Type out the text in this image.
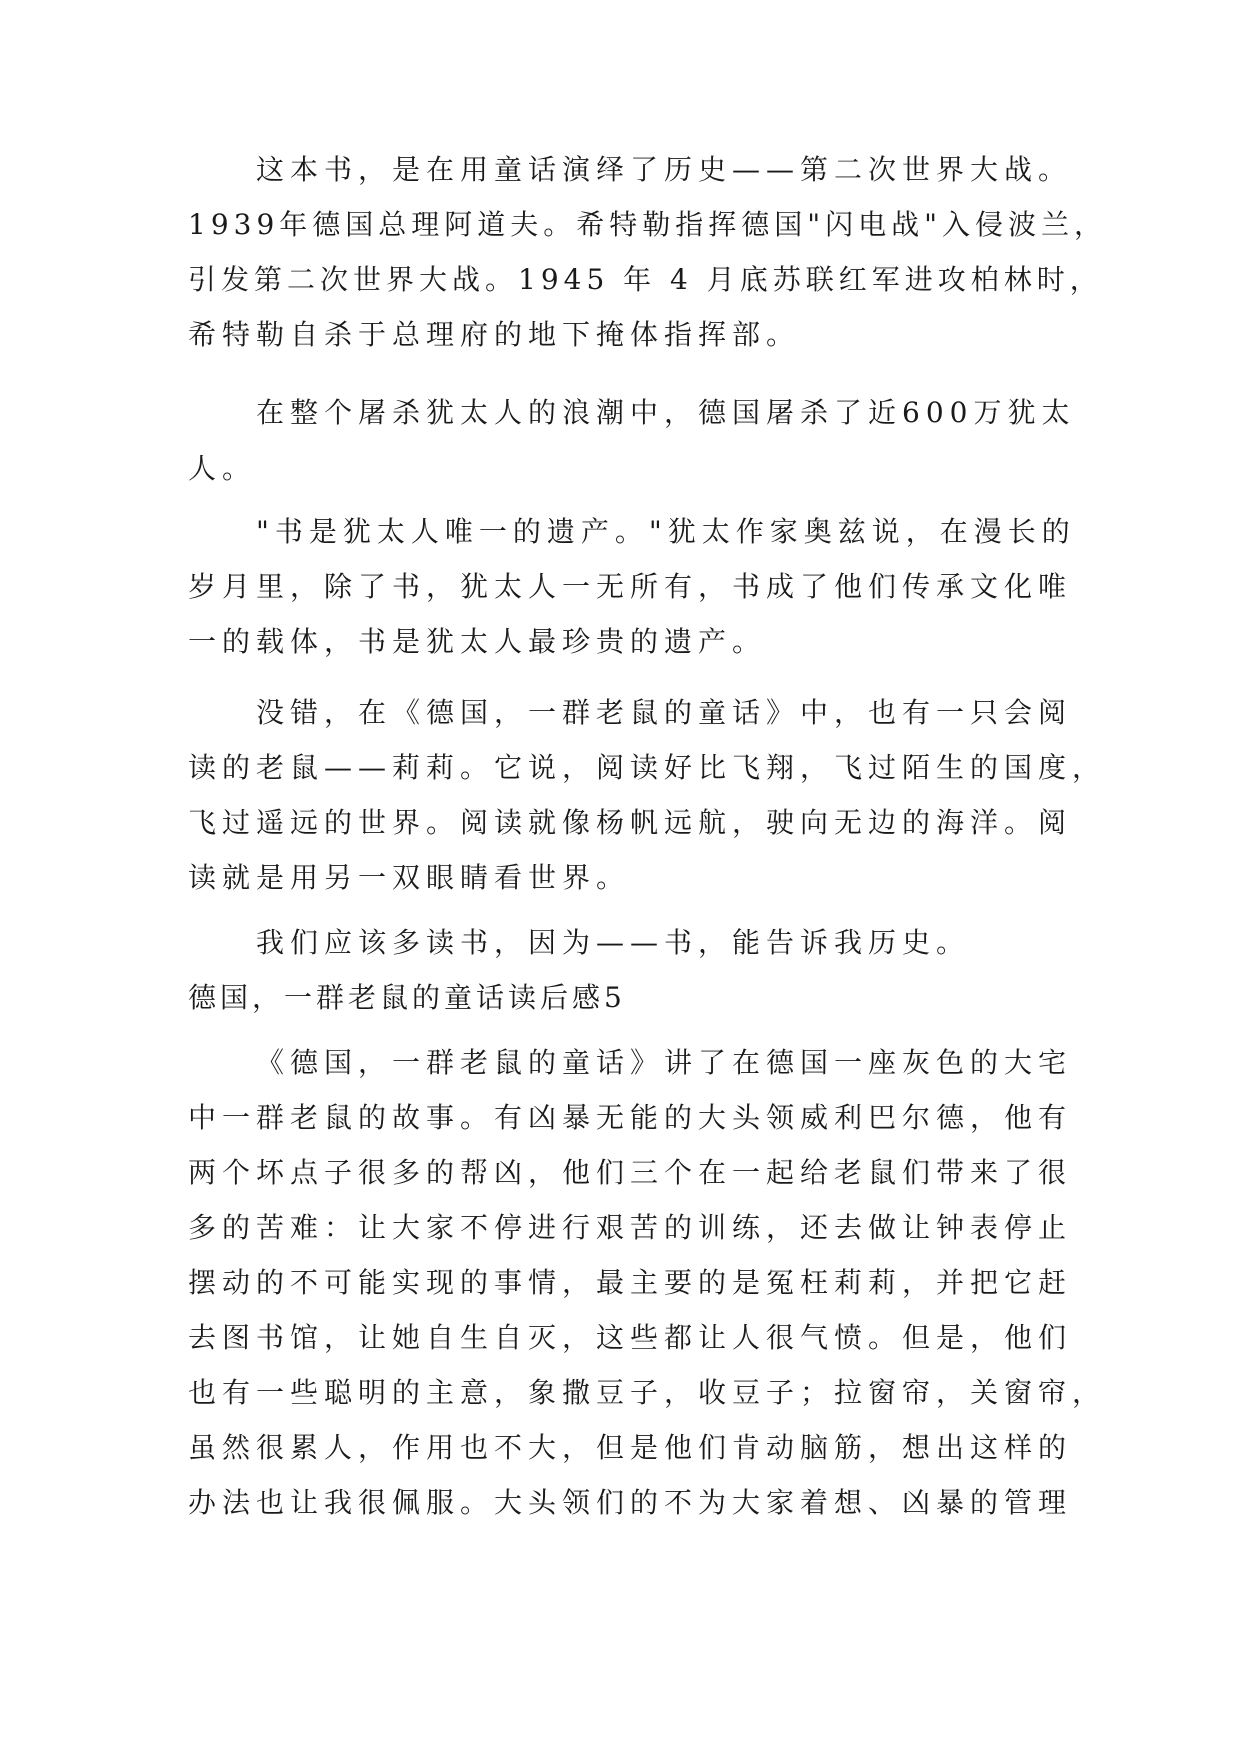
这本书，是在用童话演绎了历史——第二次世界大战。
1939年德国总理阿道夫。希特勒指挥德国"闪电战"入侵波兰，
引发第二次世界大战。1945 年 4 月底苏联红军进攻柏林时，
希特勒自杀于总理府的地下掩体指挥部。
在整个屠杀犹太人的浪潮中，德国屠杀了近600万犹太
人。
"书是犹太人唯一的遗产。"犹太作家奥兹说，在漫长的
岁月里，除了书，犹太人一无所有，书成了他们传承文化唯
一的载体，书是犹太人最珍贵的遗产。
没错，在《德国，一群老鼠的童话》中，也有一只会阅
读的老鼠——莉莉。它说，阅读好比飞翔，飞过陌生的国度，
飞过遥远的世界。阅读就像杨帆远航，驶向无边的海洋。阅
读就是用另一双眼睛看世界。
我们应该多读书，因为——书，能告诉我历史。
德国，一群老鼠的童话读后感5
《德国，一群老鼠的童话》讲了在德国一座灰色的大宅
中一群老鼠的故事。有凶暴无能的大头领威利巴尔德，他有
两个坏点子很多的帮凶，他们三个在一起给老鼠们带来了很
多的苦难：让大家不停进行艰苦的训练，还去做让钟表停止
摆动的不可能实现的事情，最主要的是冤枉莉莉，并把它赶
去图书馆，让她自生自灭，这些都让人很气愤。但是，他们
也有一些聪明的主意，象撒豆子，收豆子；拉窗帘，关窗帘，
虽然很累人，作用也不大，但是他们肯动脑筋，想出这样的
办法也让我很佩服。大头领们的不为大家着想、凶暴的管理
